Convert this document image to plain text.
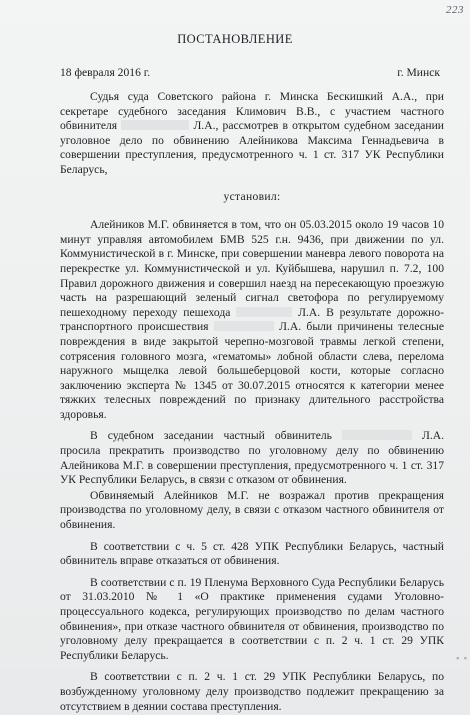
223
ПОСТАНОВЛЕНИЕ
18 февраля 2016 г.	г. Минск

Судья суда Советского района г. Минска Бескишкий А.А., при секретаре судебного заседания Климович В.В., с участием частного обвинителя	Л.А., рассмотрев в открытом судебном заседании уголовное дело по обвинению Алейникова Максима Геннадьевича в совершении преступления, предусмотренного ч. 1 ст. 317 УК Республики Беларусь,

установил:

Алейников М.Г. обвиняется в том, что он 05.03.2015 около 19 часов 10 минут управляя автомобилем БМВ 525 г.н. 9436, при движении по ул. Коммунистической в г. Минске, при совершении маневра левого поворота на перекрестке ул. Коммунистической и ул. Куйбышева, нарушил п. 7.2, 100 Правил дорожного движения и совершил наезд на пересекающую проезжую часть на разрешающий зеленый сигнал светофора по регулируемому пешеходному переходу пешехода	Л.А. В результате дорожно-транспортного происшествия	Л.А. были причинены телесные повреждения в виде закрытой черепно-мозговой травмы легкой степени, сотрясения головного мозга, «гематомы» лобной области слева, перелома наружного мыщелка левой большеберцовой кости, которые согласно заключению эксперта № 1345 от 30.07.2015 относятся к категории менее тяжких телесных повреждений по признаку длительного расстройства здоровья.

В судебном заседании частный обвинитель	Л.А. просила прекратить производство по уголовному делу по обвинению Алейникова М.Г. в совершении преступления, предусмотренного ч. 1 ст. 317 УК Республики Беларусь, в связи с отказом от обвинения.

Обвиняемый Алейников М.Г. не возражал против прекращения производства по уголовному делу, в связи с отказом частного обвинителя от обвинения.

В соответствии с ч. 5 ст. 428 УПК Республики Беларусь, частный обвинитель вправе отказаться от обвинения.

В соответствии с п. 19 Пленума Верховного Суда Республики Беларусь от 31.03.2010 № 1 «О практике применения судами Уголовно-процессуального кодекса, регулирующих производство по делам частного обвинения», при отказе частного обвинителя от обвинения, производство по уголовному делу прекращается в соответствии с п. 2 ч. 1 ст. 29 УПК Республики Беларусь.

В соответствии с п. 2 ч. 1 ст. 29 УПК Республики Беларусь, по возбужденному уголовному делу производство подлежит прекращению за отсутствием в деянии состава преступления.

▪ ▪
